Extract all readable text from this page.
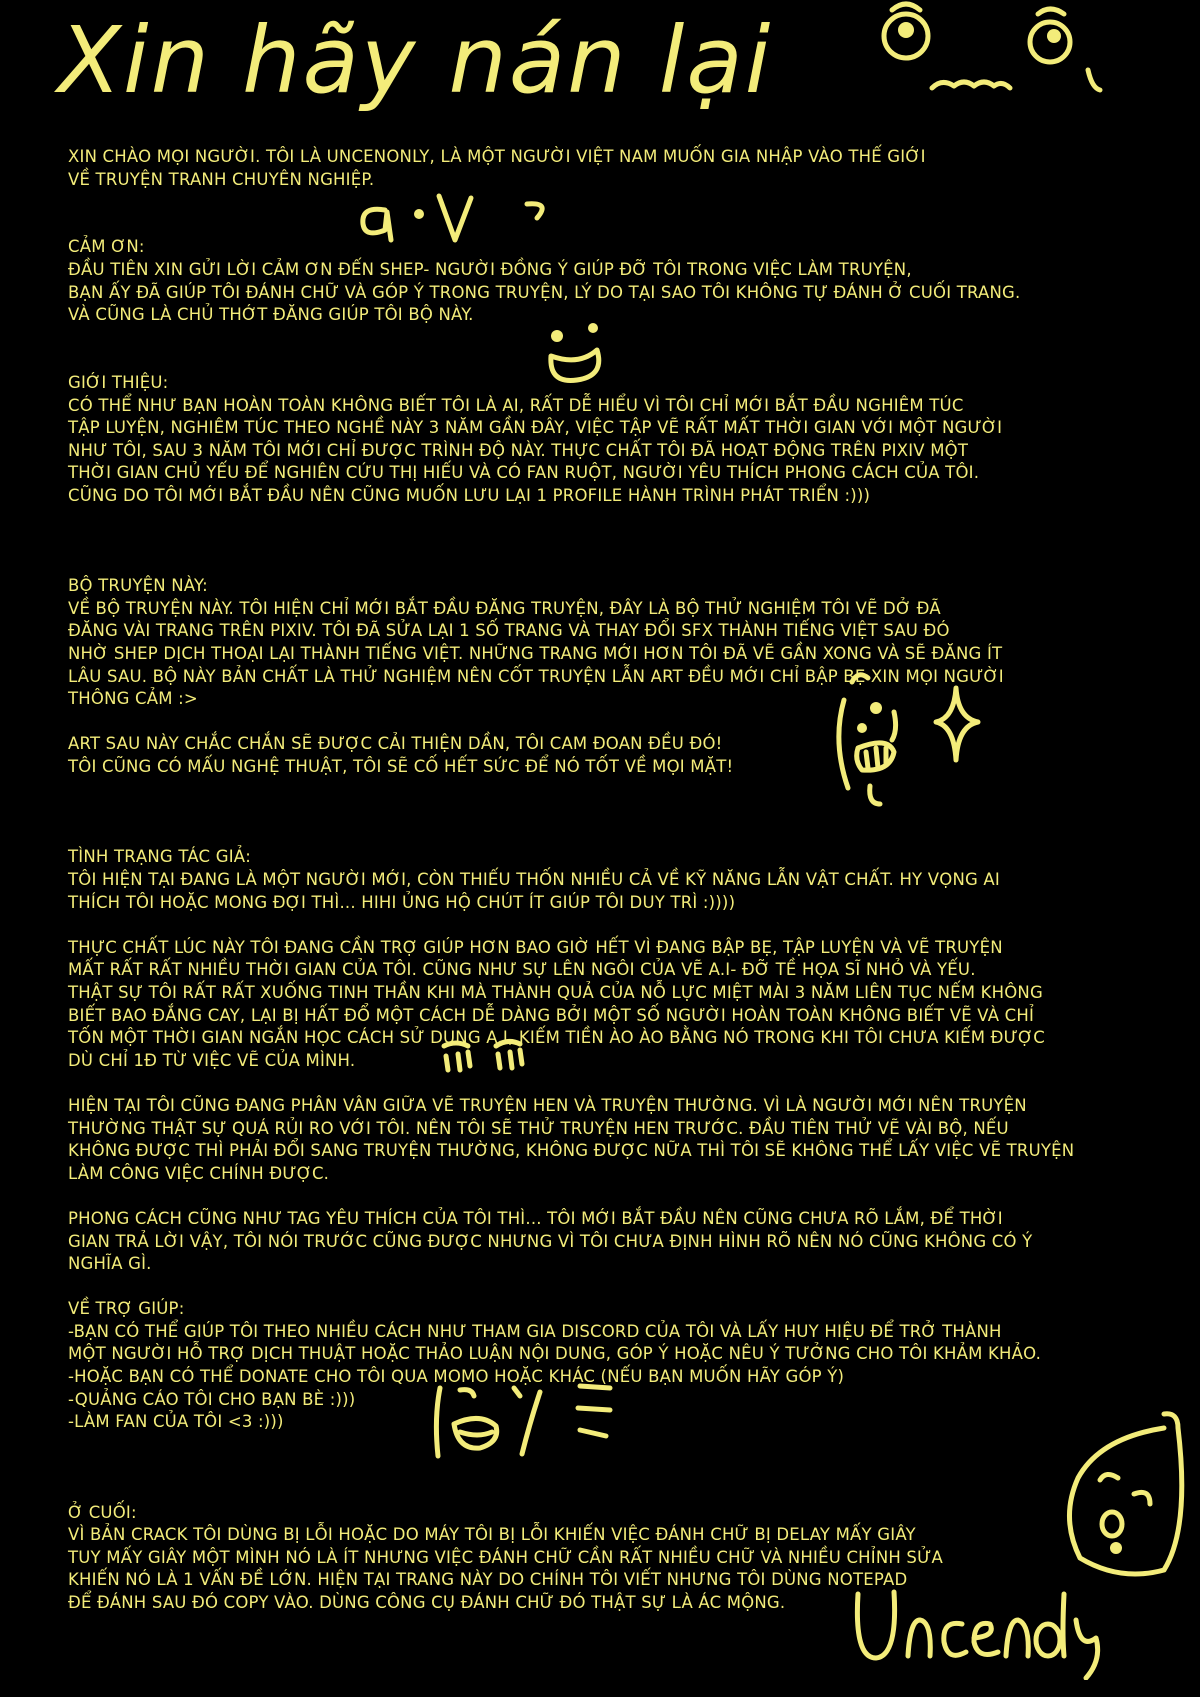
Xin hãy nán lại
XIN CHÀO MỌI NGƯỜI. TÔI LÀ UNCENONLY, LÀ MỘT NGƯỜI VIỆT NAM MUỐN GIA NHẬP VÀO THẾ GIỚI
VỀ TRUYỆN TRANH CHUYÊN NGHIỆP.

CẢM ƠN:
ĐẦU TIÊN XIN GỬI LỜI CẢM ƠN ĐẾN SHEP- NGƯỜI ĐỒNG Ý GIÚP ĐỠ TÔI TRONG VIỆC LÀM TRUYỆN,
BẠN ẤY ĐÃ GIÚP TÔI ĐÁNH CHỮ VÀ GÓP Ý TRONG TRUYỆN, LÝ DO TẠI SAO TÔI KHÔNG TỰ ĐÁNH Ở CUỐI TRANG.
VÀ CŨNG LÀ CHỦ THỚT ĐĂNG GIÚP TÔI BỘ NÀY.

GIỚI THIỆU:
CÓ THỂ NHƯ BẠN HOÀN TOÀN KHÔNG BIẾT TÔI LÀ AI, RẤT DỄ HIỂU VÌ TÔI CHỈ MỚI BẮT ĐẦU NGHIÊM TÚC
TẬP LUYỆN, NGHIÊM TÚC THEO NGHỀ NÀY 3 NĂM GẦN ĐÂY, VIỆC TẬP VẼ RẤT MẤT THỜI GIAN VỚI MỘT NGƯỜI
NHƯ TÔI, SAU 3 NĂM TÔI MỚI CHỈ ĐƯỢC TRÌNH ĐỘ NÀY. THỰC CHẤT TÔI ĐÃ HOẠT ĐỘNG TRÊN PIXIV MỘT
THỜI GIAN CHỦ YẾU ĐỂ NGHIÊN CỨU THỊ HIẾU VÀ CÓ FAN RUỘT, NGƯỜI YÊU THÍCH PHONG CÁCH CỦA TÔI.
CŨNG DO TÔI MỚI BẮT ĐẦU NÊN CŨNG MUỐN LƯU LẠI 1 PROFILE HÀNH TRÌNH PHÁT TRIỂN :)))

BỘ TRUYỆN NÀY:
VỀ BỘ TRUYỆN NÀY. TÔI HIỆN CHỈ MỚI BẮT ĐẦU ĐĂNG TRUYỆN, ĐÂY LÀ BỘ THỬ NGHIỆM TÔI VẼ DỞ ĐÃ
ĐĂNG VÀI TRANG TRÊN PIXIV. TÔI ĐÃ SỬA LẠI 1 SỐ TRANG VÀ THAY ĐỔI SFX THÀNH TIẾNG VIỆT SAU ĐÓ
NHỜ SHEP DỊCH THOẠI LẠI THÀNH TIẾNG VIỆT. NHỮNG TRANG MỚI HƠN TÔI ĐÃ VẼ GẦN XONG VÀ SẼ ĐĂNG ÍT
LÂU SAU. BỘ NÀY BẢN CHẤT LÀ THỬ NGHIỆM NÊN CỐT TRUYỆN LẪN ART ĐỀU MỚI CHỈ BẬP BẸ XIN MỌI NGƯỜI
THÔNG CẢM :>

ART SAU NÀY CHẮC CHẮN SẼ ĐƯỢC CẢI THIỆN DẦN, TÔI CAM ĐOAN ĐỀU ĐÓ!
TÔI CŨNG CÓ MẤU NGHỆ THUẬT, TÔI SẼ CỐ HẾT SỨC ĐỂ NÓ TỐT VỀ MỌI MẶT!

TÌNH TRẠNG TÁC GIẢ:
TÔI HIỆN TẠI ĐANG LÀ MỘT NGƯỜI MỚI, CÒN THIẾU THỐN NHIỀU CẢ VỀ KỸ NĂNG LẪN VẬT CHẤT. HY VỌNG AI
THÍCH TÔI HOẶC MONG ĐỢI THÌ... HIHI ỦNG HỘ CHÚT ÍT GIÚP TÔI DUY TRÌ :))))

THỰC CHẤT LÚC NÀY TÔI ĐANG CẦN TRỢ GIÚP HƠN BAO GIỜ HẾT VÌ ĐANG BẬP BẸ, TẬP LUYỆN VÀ VẼ TRUYỆN
MẤT RẤT RẤT NHIỀU THỜI GIAN CỦA TÔI. CŨNG NHƯ SỰ LÊN NGÔI CỦA VẼ A.I- ĐỠ TỀ HỌA SĨ NHỎ VÀ YẾU.
THẬT SỰ TÔI RẤT RẤT XUỐNG TINH THẦN KHI MÀ THÀNH QUẢ CỦA NỖ LỰC MIỆT MÀI 3 NĂM LIÊN TỤC NẾM KHÔNG
BIẾT BAO ĐẮNG CAY, LẠI BỊ HẤT ĐỔ MỘT CÁCH DỄ DÀNG BỞI MỘT SỐ NGƯỜI HOÀN TOÀN KHÔNG BIẾT VẼ VÀ CHỈ
TỐN MỘT THỜI GIAN NGẮN HỌC CÁCH SỬ DỤNG A.I, KIẾM TIỀN ÀO ÀO BẰNG NÓ TRONG KHI TÔI CHƯA KIẾM ĐƯỢC
DÙ CHỈ 1Đ TỪ VIỆC VẼ CỦA MÌNH.

HIỆN TẠI TÔI CŨNG ĐANG PHÂN VÂN GIỮA VẼ TRUYỆN HEN VÀ TRUYỆN THƯỜNG. VÌ LÀ NGƯỜI MỚI NÊN TRUYỆN
THƯỜNG THẬT SỰ QUÁ RỦI RO VỚI TÔI. NÊN TÔI SẼ THỬ TRUYỆN HEN TRƯỚC. ĐẦU TIÊN THỬ VẼ VÀI BỘ, NẾU
KHÔNG ĐƯỢC THÌ PHẢI ĐỔI SANG TRUYỆN THƯỜNG, KHÔNG ĐƯỢC NỮA THÌ TÔI SẼ KHÔNG THỂ LẤY VIỆC VẼ TRUYỆN
LÀM CÔNG VIỆC CHÍNH ĐƯỢC.

PHONG CÁCH CŨNG NHƯ TAG YÊU THÍCH CỦA TÔI THÌ... TÔI MỚI BẮT ĐẦU NÊN CŨNG CHƯA RÕ LẮM, ĐỂ THỜI
GIAN TRẢ LỜI VẬY, TÔI NÓI TRƯỚC CŨNG ĐƯỢC NHƯNG VÌ TÔI CHƯA ĐỊNH HÌNH RÕ NÊN NÓ CŨNG KHÔNG CÓ Ý
NGHĨA GÌ.

VỀ TRỢ GIÚP:
-BẠN CÓ THỂ GIÚP TÔI THEO NHIỀU CÁCH NHƯ THAM GIA DISCORD CỦA TÔI VÀ LẤY HUY HIỆU ĐỂ TRỞ THÀNH
MỘT NGƯỜI HỖ TRỢ DỊCH THUẬT HOẶC THẢO LUẬN NỘI DUNG, GÓP Ý HOẶC NÊU Ý TƯỞNG CHO TÔI KHẢM KHẢO.
-HOẶC BẠN CÓ THỂ DONATE CHO TÔI QUA MOMO HOẶC KHÁC (NẾU BẠN MUỐN HÃY GÓP Ý)
-QUẢNG CÁO TÔI CHO BẠN BÈ :)))
-LÀM FAN CỦA TÔI <3 :)))

Ở CUỐI:
VÌ BẢN CRACK TÔI DÙNG BỊ LỖI HOẶC DO MÁY TÔI BỊ LỖI KHIẾN VIỆC ĐÁNH CHỮ BỊ DELAY MẤY GIÂY
TUY MẤY GIÂY MỘT MÌNH NÓ LÀ ÍT NHƯNG VIỆC ĐÁNH CHỮ CẦN RẤT NHIỀU CHỮ VÀ NHIỀU CHỈNH SỬA
KHIẾN NÓ LÀ 1 VẤN ĐỀ LỚN. HIỆN TẠI TRANG NÀY DO CHÍNH TÔI VIẾT NHƯNG TÔI DÙNG NOTEPAD
ĐỂ ĐÁNH SAU ĐÓ COPY VÀO. DÙNG CÔNG CỤ ĐÁNH CHỮ ĐÓ THẬT SỰ LÀ ÁC MỘNG.
